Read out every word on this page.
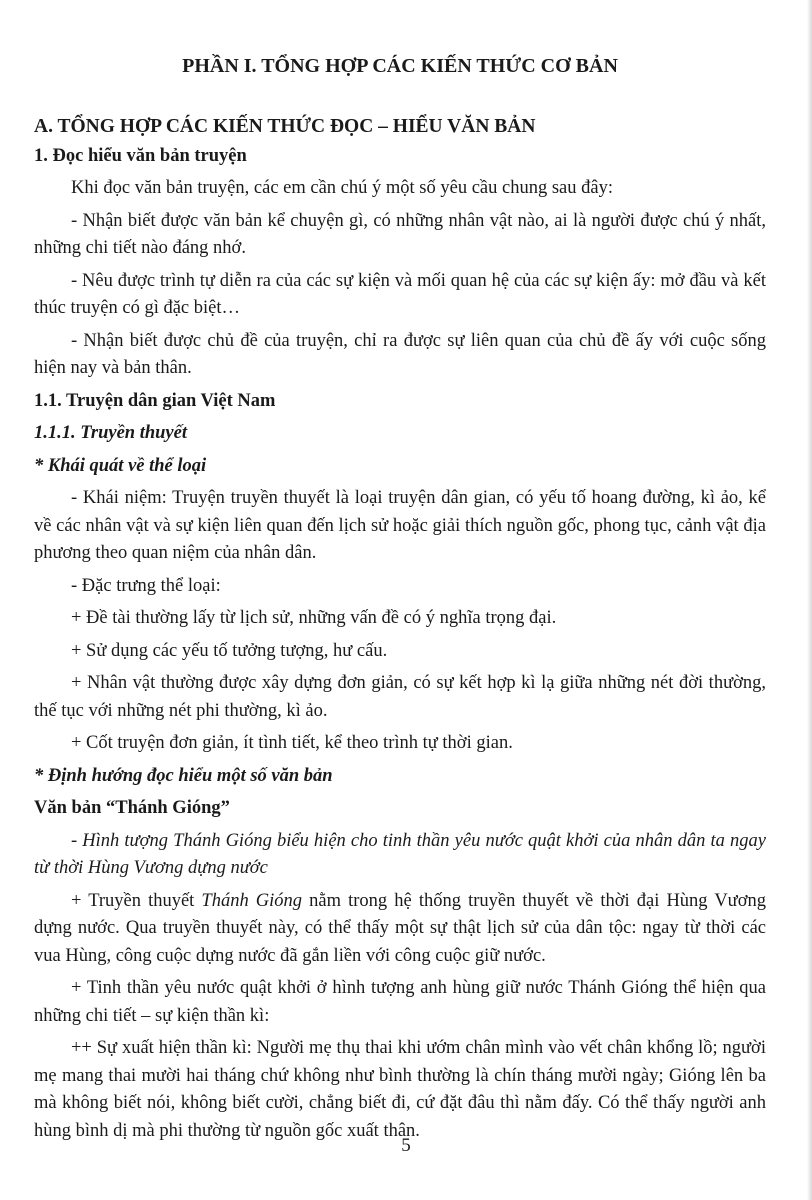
PHẦN I. TỔNG HỢP CÁC KIẾN THỨC CƠ BẢN
A. TỔNG HỢP CÁC KIẾN THỨC ĐỌC – HIỂU VĂN BẢN
1. Đọc hiểu văn bản truyện
Khi đọc văn bản truyện, các em cần chú ý một số yêu cầu chung sau đây:
- Nhận biết được văn bản kể chuyện gì, có những nhân vật nào, ai là người được chú ý nhất, những chi tiết nào đáng nhớ.
- Nêu được trình tự diễn ra của các sự kiện và mối quan hệ của các sự kiện ấy: mở đầu và kết thúc truyện có gì đặc biệt…
- Nhận biết được chủ đề của truyện, chỉ ra được sự liên quan của chủ đề ấy với cuộc sống hiện nay và bản thân.
1.1. Truyện dân gian Việt Nam
1.1.1. Truyền thuyết
* Khái quát về thể loại
- Khái niệm: Truyện truyền thuyết là loại truyện dân gian, có yếu tố hoang đường, kì ảo, kể về các nhân vật và sự kiện liên quan đến lịch sử hoặc giải thích nguồn gốc, phong tục, cảnh vật địa phương theo quan niệm của nhân dân.
- Đặc trưng thể loại:
+ Đề tài thường lấy từ lịch sử, những vấn đề có ý nghĩa trọng đại.
+ Sử dụng các yếu tố tưởng tượng, hư cấu.
+ Nhân vật thường được xây dựng đơn giản, có sự kết hợp kì lạ giữa những nét đời thường, thế tục với những nét phi thường, kì ảo.
+ Cốt truyện đơn giản, ít tình tiết, kể theo trình tự thời gian.
* Định hướng đọc hiểu một số văn bản
Văn bản “Thánh Gióng”
- Hình tượng Thánh Gióng biểu hiện cho tinh thần yêu nước quật khởi của nhân dân ta ngay từ thời Hùng Vương dựng nước
+ Truyền thuyết Thánh Gióng nằm trong hệ thống truyền thuyết về thời đại Hùng Vương dựng nước. Qua truyền thuyết này, có thể thấy một sự thật lịch sử của dân tộc: ngay từ thời các vua Hùng, công cuộc dựng nước đã gắn liền với công cuộc giữ nước.
+ Tinh thần yêu nước quật khởi ở hình tượng anh hùng giữ nước Thánh Gióng thể hiện qua những chi tiết – sự kiện thần kì:
++ Sự xuất hiện thần kì: Người mẹ thụ thai khi ướm chân mình vào vết chân khổng lồ; người mẹ mang thai mười hai tháng chứ không như bình thường là chín tháng mười ngày; Gióng lên ba mà không biết nói, không biết cười, chẳng biết đi, cứ đặt đâu thì nằm đấy. Có thể thấy người anh hùng bình dị mà phi thường từ nguồn gốc xuất thân.
5
